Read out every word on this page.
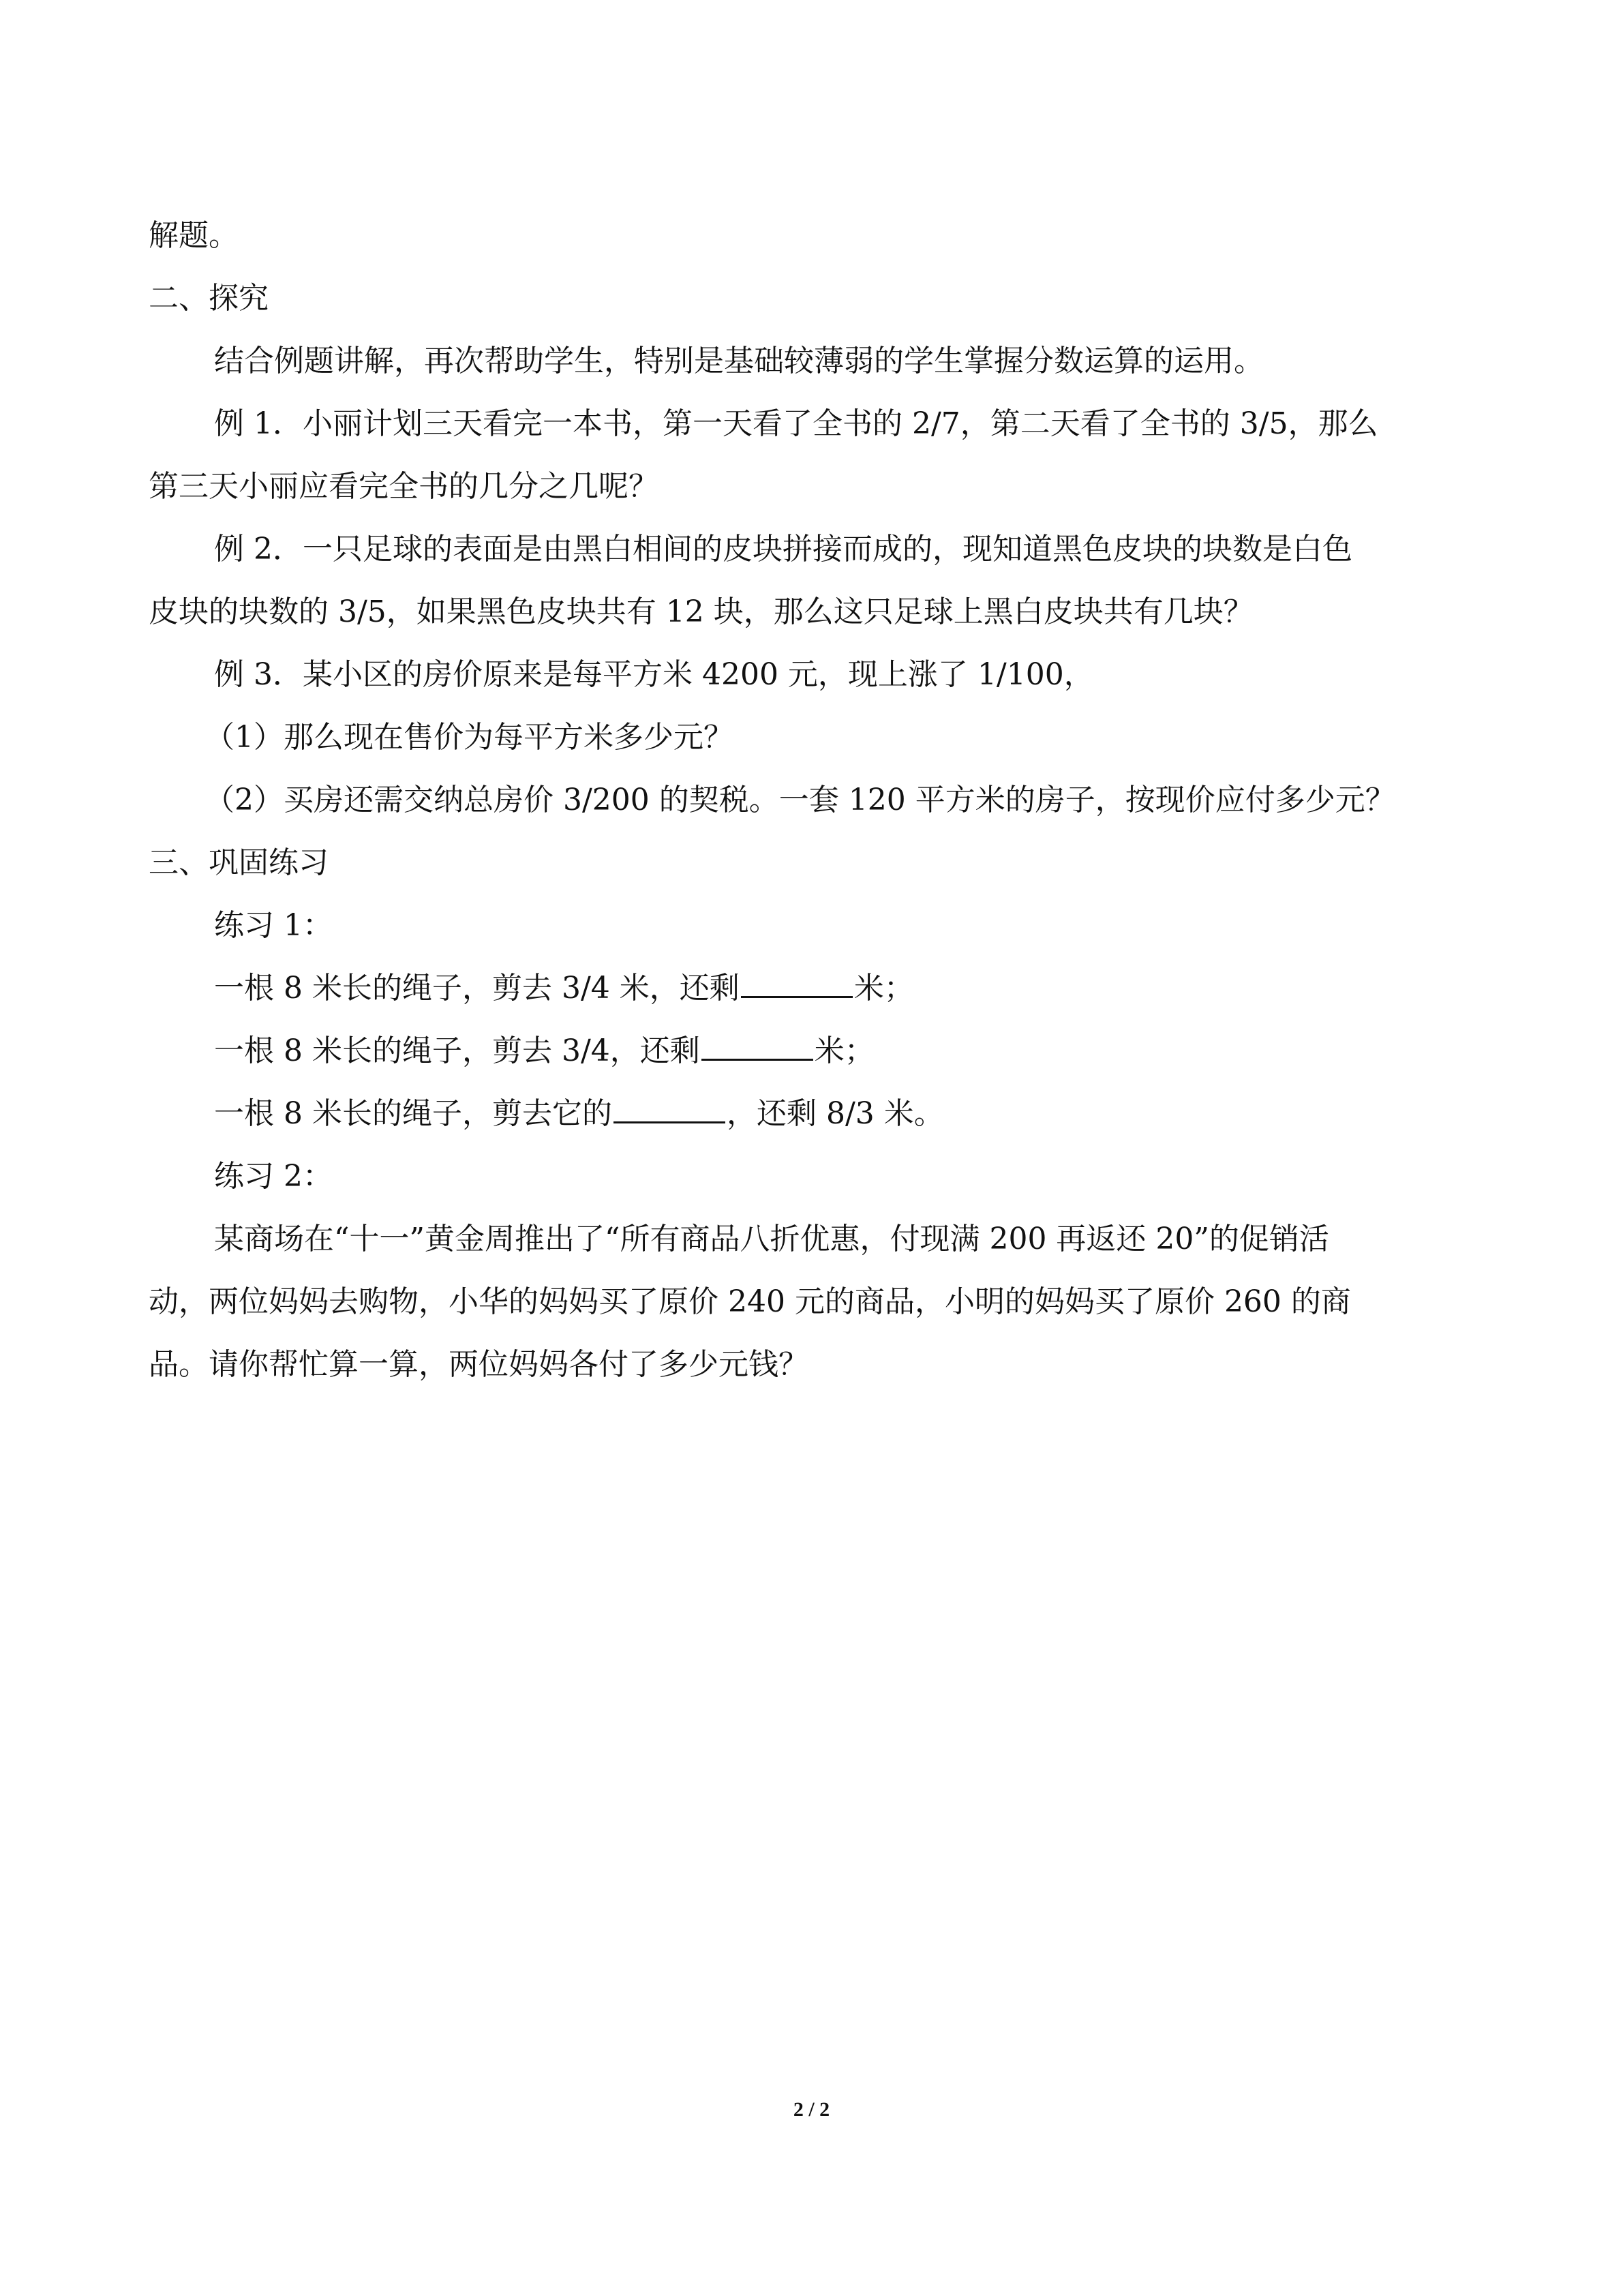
解题。

二、探究

结合例题讲解，再次帮助学生，特别是基础较薄弱的学生掌握分数运算的运用。

例 1．小丽计划三天看完一本书，第一天看了全书的 2/7，第二天看了全书的 3/5，那么

第三天小丽应看完全书的几分之几呢？

例 2．一只足球的表面是由黑白相间的皮块拼接而成的，现知道黑色皮块的块数是白色

皮块的块数的 3/5，如果黑色皮块共有 12 块，那么这只足球上黑白皮块共有几块？

例 3．某小区的房价原来是每平方米 4200 元，现上涨了 1/100，

（1）那么现在售价为每平方米多少元？

（2）买房还需交纳总房价 3/200 的契税。一套 120 平方米的房子，按现价应付多少元？

三、巩固练习

练习 1：

一根 8 米长的绳子，剪去 3/4 米，还剩	米；

一根 8 米长的绳子，剪去 3/4，还剩	米；

一根 8 米长的绳子，剪去它的	，还剩 8/3 米。

练习 2：

某商场在“十一”黄金周推出了“所有商品八折优惠，付现满 200 再返还 20”的促销活

动，两位妈妈去购物，小华的妈妈买了原价 240 元的商品，小明的妈妈买了原价 260 的商

品。请你帮忙算一算，两位妈妈各付了多少元钱？

2 / 2
